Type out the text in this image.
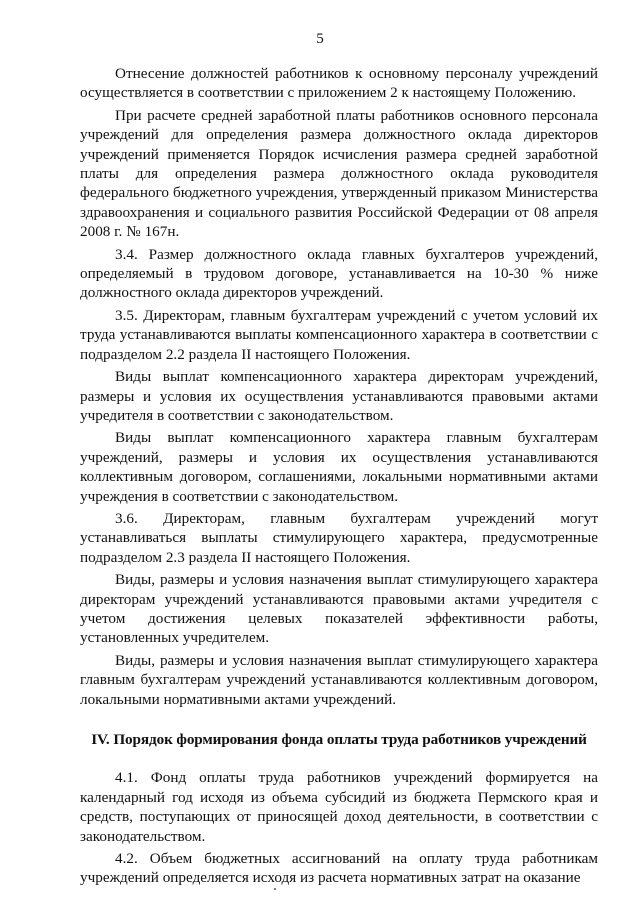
5

Отнесение должностей работников к основному персоналу учреждений осуществляется в соответствии с приложением 2 к настоящему Положению.

При расчете средней заработной платы работников основного персонала учреждений для определения размера должностного оклада директоров учреждений применяется Порядок исчисления размера средней заработной платы для определения размера должностного оклада руководителя федерального бюджетного учреждения, утвержденный приказом Министерства здравоохранения и социального развития Российской Федерации от 08 апреля 2008 г. № 167н.

3.4. Размер должностного оклада главных бухгалтеров учреждений, определяемый в трудовом договоре, устанавливается на 10-30 % ниже должностного оклада директоров учреждений.

3.5. Директорам, главным бухгалтерам учреждений с учетом условий их труда устанавливаются выплаты компенсационного характера в соответствии с подразделом 2.2 раздела II настоящего Положения.

Виды выплат компенсационного характера директорам учреждений, размеры и условия их осуществления устанавливаются правовыми актами учредителя в соответствии с законодательством.

Виды выплат компенсационного характера главным бухгалтерам учреждений, размеры и условия их осуществления устанавливаются коллективным договором, соглашениями, локальными нормативными актами учреждения в соответствии с законодательством.

3.6. Директорам, главным бухгалтерам учреждений могут устанавливаться выплаты стимулирующего характера, предусмотренные подразделом 2.3 раздела II настоящего Положения.

Виды, размеры и условия назначения выплат стимулирующего характера директорам учреждений устанавливаются правовыми актами учредителя с учетом достижения целевых показателей эффективности работы, установленных учредителем.

Виды, размеры и условия назначения выплат стимулирующего характера главным бухгалтерам учреждений устанавливаются коллективным договором, локальными нормативными актами учреждений.

IV. Порядок формирования фонда оплаты труда работников учреждений

4.1. Фонд оплаты труда работников учреждений формируется на календарный год исходя из объема субсидий из бюджета Пермского края и средств, поступающих от приносящей доход деятельности, в соответствии с законодательством.

4.2. Объем бюджетных ассигнований на оплату труда работникам учреждений определяется исходя из расчета нормативных затрат на оказание
